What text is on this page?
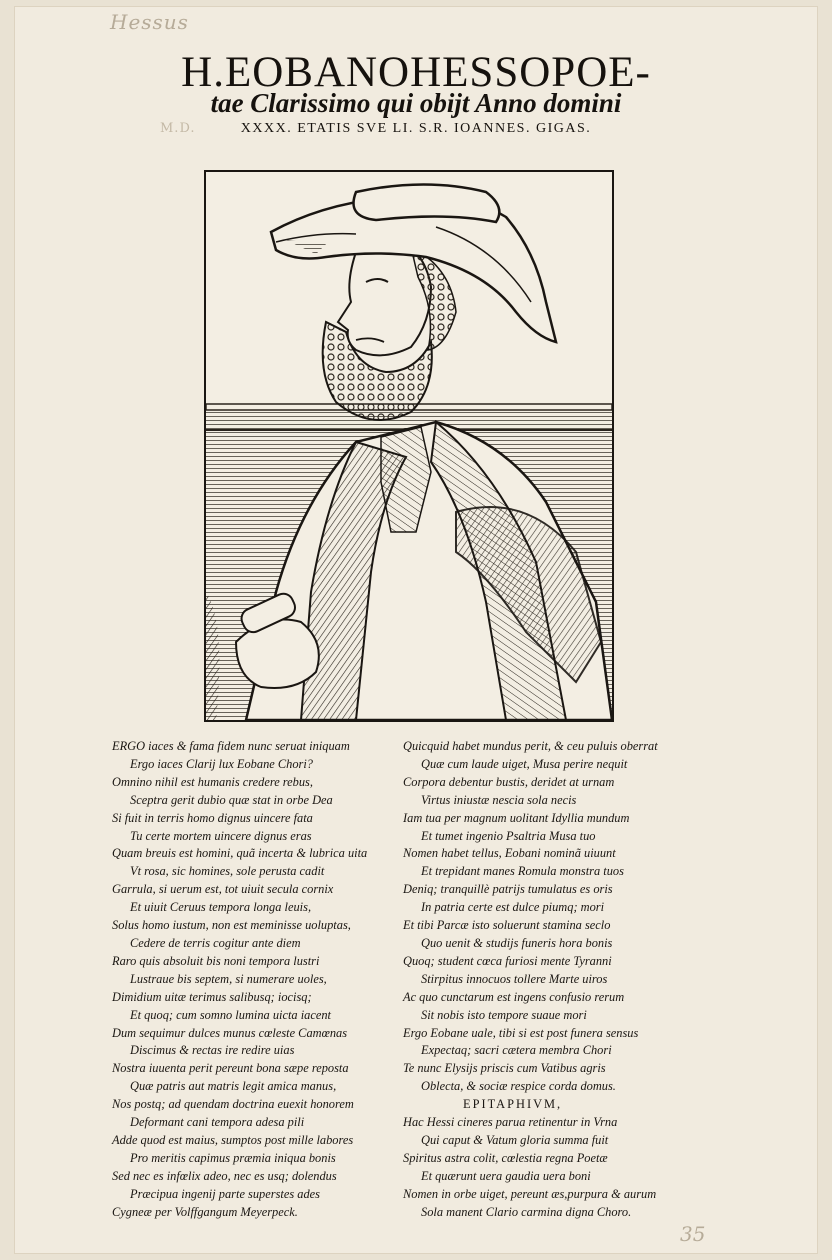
Hessus
M.D.
H.EOBANOHESSOPOE-
tae Clarissimo qui obijt Anno domini
XXXX. ETATIS SVE LI. S.R. IOANNES. GIGAS.
ERGO iaces & fama fidem nunc seruat iniquam
Ergo iaces Clarij lux Eobane Chori?
Omnino nihil est humanis credere rebus,
Sceptra gerit dubio quæ stat in orbe Dea
Si fuit in terris homo dignus uincere fata
Tu certe mortem uincere dignus eras
Quam breuis est homini, quã incerta & lubrica uita
Vt rosa, sic homines, sole perusta cadit
Garrula, si uerum est, tot uiuit secula cornix
Et uiuit Ceruus tempora longa leuis,
Solus homo iustum, non est meminisse uoluptas,
Cedere de terris cogitur ante diem
Raro quis absoluit bis noni tempora lustri
Lustraue bis septem, si numerare uoles,
Dimidium uitæ terimus salibusq; iocisq;
Et quoq; cum somno lumina uicta iacent
Dum sequimur dulces munus cœleste Camœnas
Discimus & rectas ire redire uias
Nostra iuuenta perit pereunt bona sæpe reposta
Quæ patris aut matris legit amica manus,
Nos postq; ad quendam doctrina euexit honorem
Deformant cani tempora adesa pili
Adde quod est maius, sumptos post mille labores
Pro meritis capimus præmia iniqua bonis
Sed nec es infœlix adeo, nec es usq; dolendus
Præcipua ingenij parte superstes ades
Cygneæ per Volffgangum Meyerpeck.
Quicquid habet mundus perit, & ceu puluis oberrat
Quæ cum laude uiget, Musa perire nequit
Corpora debentur bustis, deridet at urnam
Virtus iniustæ nescia sola necis
Iam tua per magnum uolitant Idyllia mundum
Et tumet ingenio Psaltria Musa tuo
Nomen habet tellus, Eobani nominã uiuunt
Et trepidant manes Romula monstra tuos
Deniq; tranquillè patrijs tumulatus es oris
In patria certe est dulce piumq; mori
Et tibi Parcæ isto soluerunt stamina seclo
Quo uenit & studijs funeris hora bonis
Quoq; student cœca furiosi mente Tyranni
Stirpitus innocuos tollere Marte uiros
Ac quo cunctarum est ingens confusio rerum
Sit nobis isto tempore suaue mori
Ergo Eobane uale, tibi si est post funera sensus
Expectaq; sacri cætera membra Chori
Te nunc Elysijs priscis cum Vatibus agris
Oblecta, & sociæ respice corda domus.
EPITAPHIVM,
Hac Hessi cineres parua retinentur in Vrna
Qui caput & Vatum gloria summa fuit
Spiritus astra colit, cœlestia regna Poetæ
Et quærunt uera gaudia uera boni
Nomen in orbe uiget, pereunt æs,purpura & aurum
Sola manent Clario carmina digna Choro.
35
